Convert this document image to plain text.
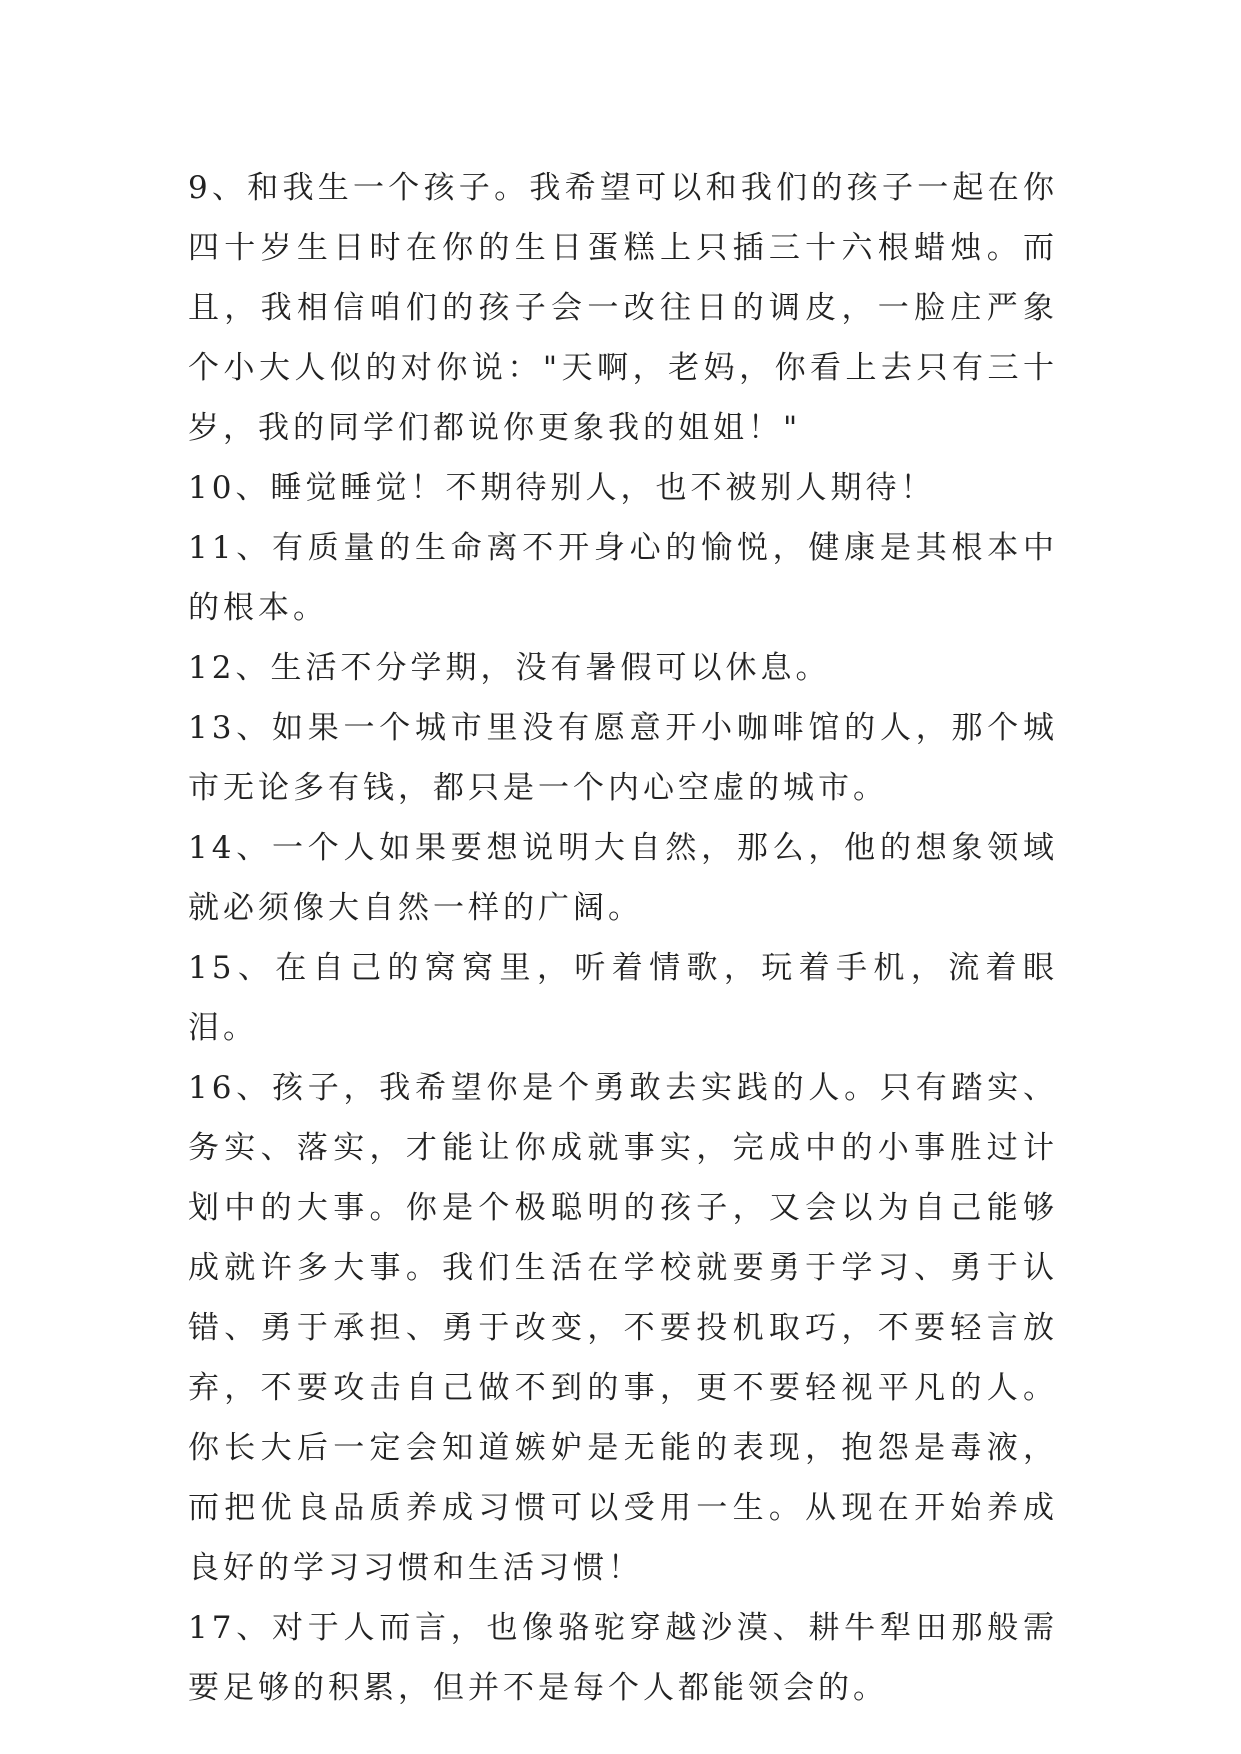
9、和我生一个孩子。我希望可以和我们的孩子一起在你四十岁生日时在你的生日蛋糕上只插三十六根蜡烛。而且，我相信咱们的孩子会一改往日的调皮，一脸庄严象个小大人似的对你说："天啊，老妈，你看上去只有三十岁，我的同学们都说你更象我的姐姐！"

10、睡觉睡觉！不期待别人，也不被别人期待！

11、有质量的生命离不开身心的愉悦，健康是其根本中的根本。

12、生活不分学期，没有暑假可以休息。

13、如果一个城市里没有愿意开小咖啡馆的人，那个城市无论多有钱，都只是一个内心空虚的城市。

14、一个人如果要想说明大自然，那么，他的想象领域就必须像大自然一样的广阔。

15、在自己的窝窝里，听着情歌，玩着手机，流着眼泪。

16、孩子，我希望你是个勇敢去实践的人。只有踏实、务实、落实，才能让你成就事实，完成中的小事胜过计划中的大事。你是个极聪明的孩子，又会以为自己能够成就许多大事。我们生活在学校就要勇于学习、勇于认错、勇于承担、勇于改变，不要投机取巧，不要轻言放弃，不要攻击自己做不到的事，更不要轻视平凡的人。你长大后一定会知道嫉妒是无能的表现，抱怨是毒液，而把优良品质养成习惯可以受用一生。从现在开始养成良好的学习习惯和生活习惯！

17、对于人而言，也像骆驼穿越沙漠、耕牛犁田那般需要足够的积累，但并不是每个人都能领会的。
